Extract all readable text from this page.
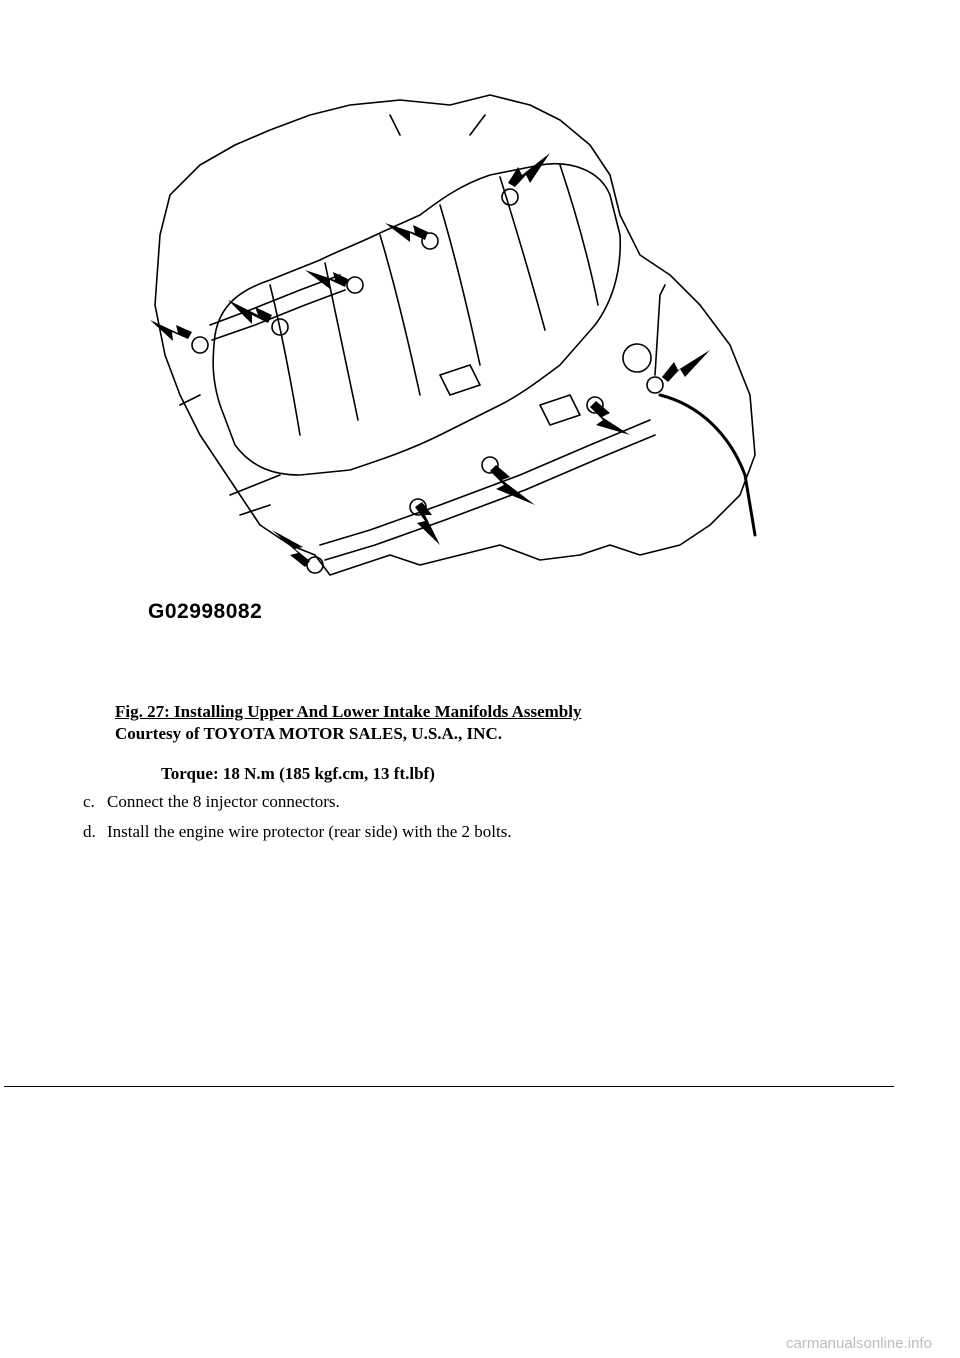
G02998082
Fig. 27: Installing Upper And Lower Intake Manifolds Assembly
Courtesy of TOYOTA MOTOR SALES, U.S.A., INC.
Torque: 18 N.m (185 kgf.cm, 13 ft.lbf)
c. Connect the 8 injector connectors.
d. Install the engine wire protector (rear side) with the 2 bolts.
carmanualsonline.info
